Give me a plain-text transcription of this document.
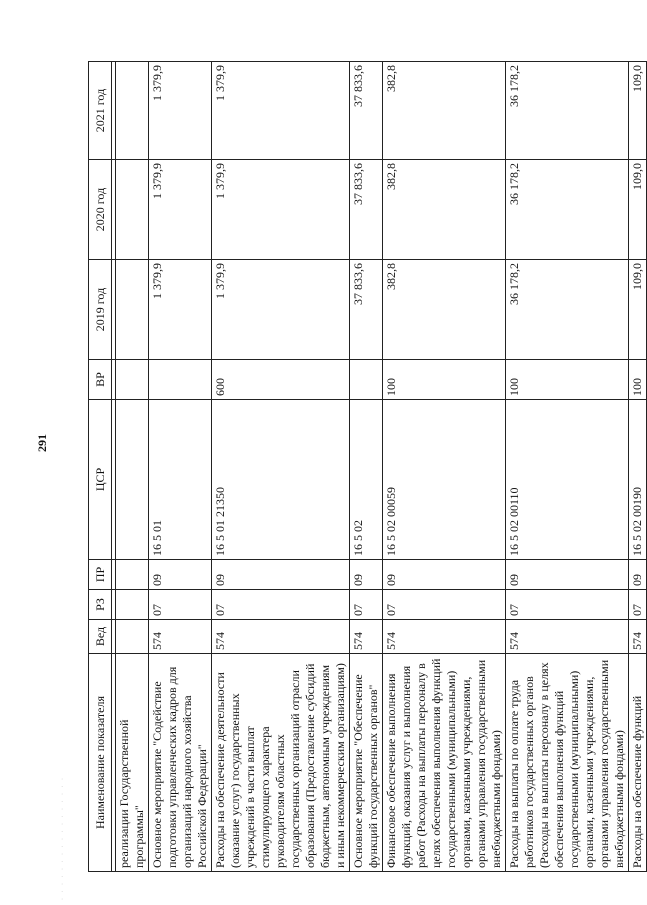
291
· · · · · · · · · · · · · · · · ·
Наименование показателя	Вед	РЗ	ПР	ЦСР	ВР	2019 год	2020 год	2021 год

реализации Государственной программы"								
Основное мероприятие "Содействие подготовки управленческих кадров для организаций народного хозяйства Российской Федерации"	574	07	09	16 5 01		1 379,9	1 379,9	1 379,9
Расходы на обеспечение деятельности (оказание услуг) государственных учреждений в части выплат стимулирующего характера руководителям областных государственных организаций отрасли образования (Предоставление субсидий бюджетным, автономным учреждениям и иным некоммерческим организациям)	574	07	09	16 5 01 21350	600	1 379,9	1 379,9	1 379,9
Основное мероприятие "Обеспечение функций государственных органов"	574	07	09	16 5 02		37 833,6	37 833,6	37 833,6
Финансовое обеспечение выполнения функций, оказания услуг и выполнения работ (Расходы на выплаты персоналу в целях обеспечения выполнения функций государственными (муниципальными) органами, казенными учреждениями, органами управления государственными внебюджетными фондами)	574	07	09	16 5 02 00059	100	382,8	382,8	382,8
Расходы на выплаты по оплате труда работников государственных органов (Расходы на выплаты персоналу в целях обеспечения выполнения функций государственными (муниципальными) органами, казенными учреждениями, органами управления государственными внебюджетными фондами)	574	07	09	16 5 02 00110	100	36 178,2	36 178,2	36 178,2
Расходы на обеспечение функций	574	07	09	16 5 02 00190	100	109,0	109,0	109,0
